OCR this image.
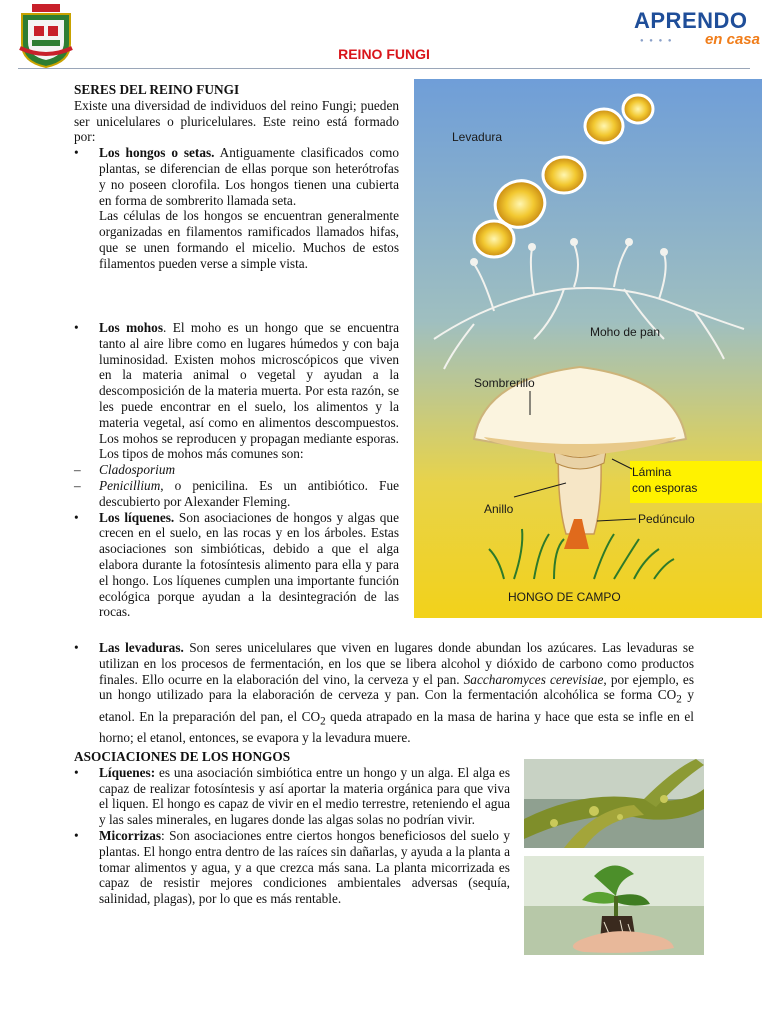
REINO FUNGI
APRENDO
en casa
● ● ● ●

SERES DEL REINO FUNGI

Existe una diversidad de individuos del reino Fungi; pueden ser unicelulares o pluricelulares. Este reino está formado por:

• Los hongos o setas. Antiguamente clasificados como plantas, se diferencian de ellas porque son heterótrofas y no poseen clorofila. Los hongos tienen una cubierta en forma de sombrerito llamada seta.

Las células de los hongos se encuentran generalmente organizadas en filamentos ramificados llamados hifas, que se unen formando el micelio. Muchos de estos filamentos pueden verse a simple vista.

• Los mohos. El moho es un hongo que se encuentra tanto al aire libre como en lugares húmedos y con baja luminosidad. Existen mohos microscópicos que viven en la materia animal o vegetal y ayudan a la descomposición de la materia muerta. Por esta razón, se les puede encontrar en el suelo, los alimentos y la materia vegetal, así como en alimentos descompuestos. Los mohos se reproducen y propagan mediante esporas. Los tipos de mohos más comunes son:

– Cladosporium

– Penicillium, o penicilina. Es un antibiótico. Fue descubierto por Alexander Fleming.

• Los líquenes. Son asociaciones de hongos y algas que crecen en el suelo, en las rocas y en los árboles. Estas asociaciones son simbióticas, debido a que el alga elabora durante la fotosíntesis alimento para ella y para el hongo. Los líquenes cumplen una importante función ecológica porque ayudan a la desintegración de las rocas.

• Las levaduras. Son seres unicelulares que viven en lugares donde abundan los azúcares. Las levaduras se utilizan en los procesos de fermentación, en los que se libera alcohol y dióxido de carbono como productos finales. Ello ocurre en la elaboración del vino, la cerveza y el pan. Saccharomyces cerevisiae, por ejemplo, es un hongo utilizado para la elaboración de cerveza y pan. Con la fermentación alcohólica se forma $CO_2$ y etanol. En la preparación del pan, el $CO_2$ queda atrapado en la masa de harina y hace que esta se infle en el horno; el etanol, entonces, se evapora y la levadura muere.

ASOCIACIONES DE LOS HONGOS

• Líquenes: es una asociación simbiótica entre un hongo y un alga. El alga es capaz de realizar fotosíntesis y así aportar la materia orgánica para que viva el liquen. El hongo es capaz de vivir en el medio terrestre, reteniendo el agua y las sales minerales, en lugares donde las algas solas no podrían vivir.

• Micorrizas: Son asociaciones entre ciertos hongos beneficiosos del suelo y plantas. El hongo entra dentro de las raíces sin dañarlas, y ayuda a la planta a tomar alimentos y agua, y a que crezca más sana. La planta micorrizada es capaz de resistir mejores condiciones ambientales adversas (sequía, salinidad, plagas), por lo que es más rentable.

Levadura
Moho de pan
Sombrerillo
Lámina
con esporas
Anillo
Pedúnculo
HONGO DE CAMPO
